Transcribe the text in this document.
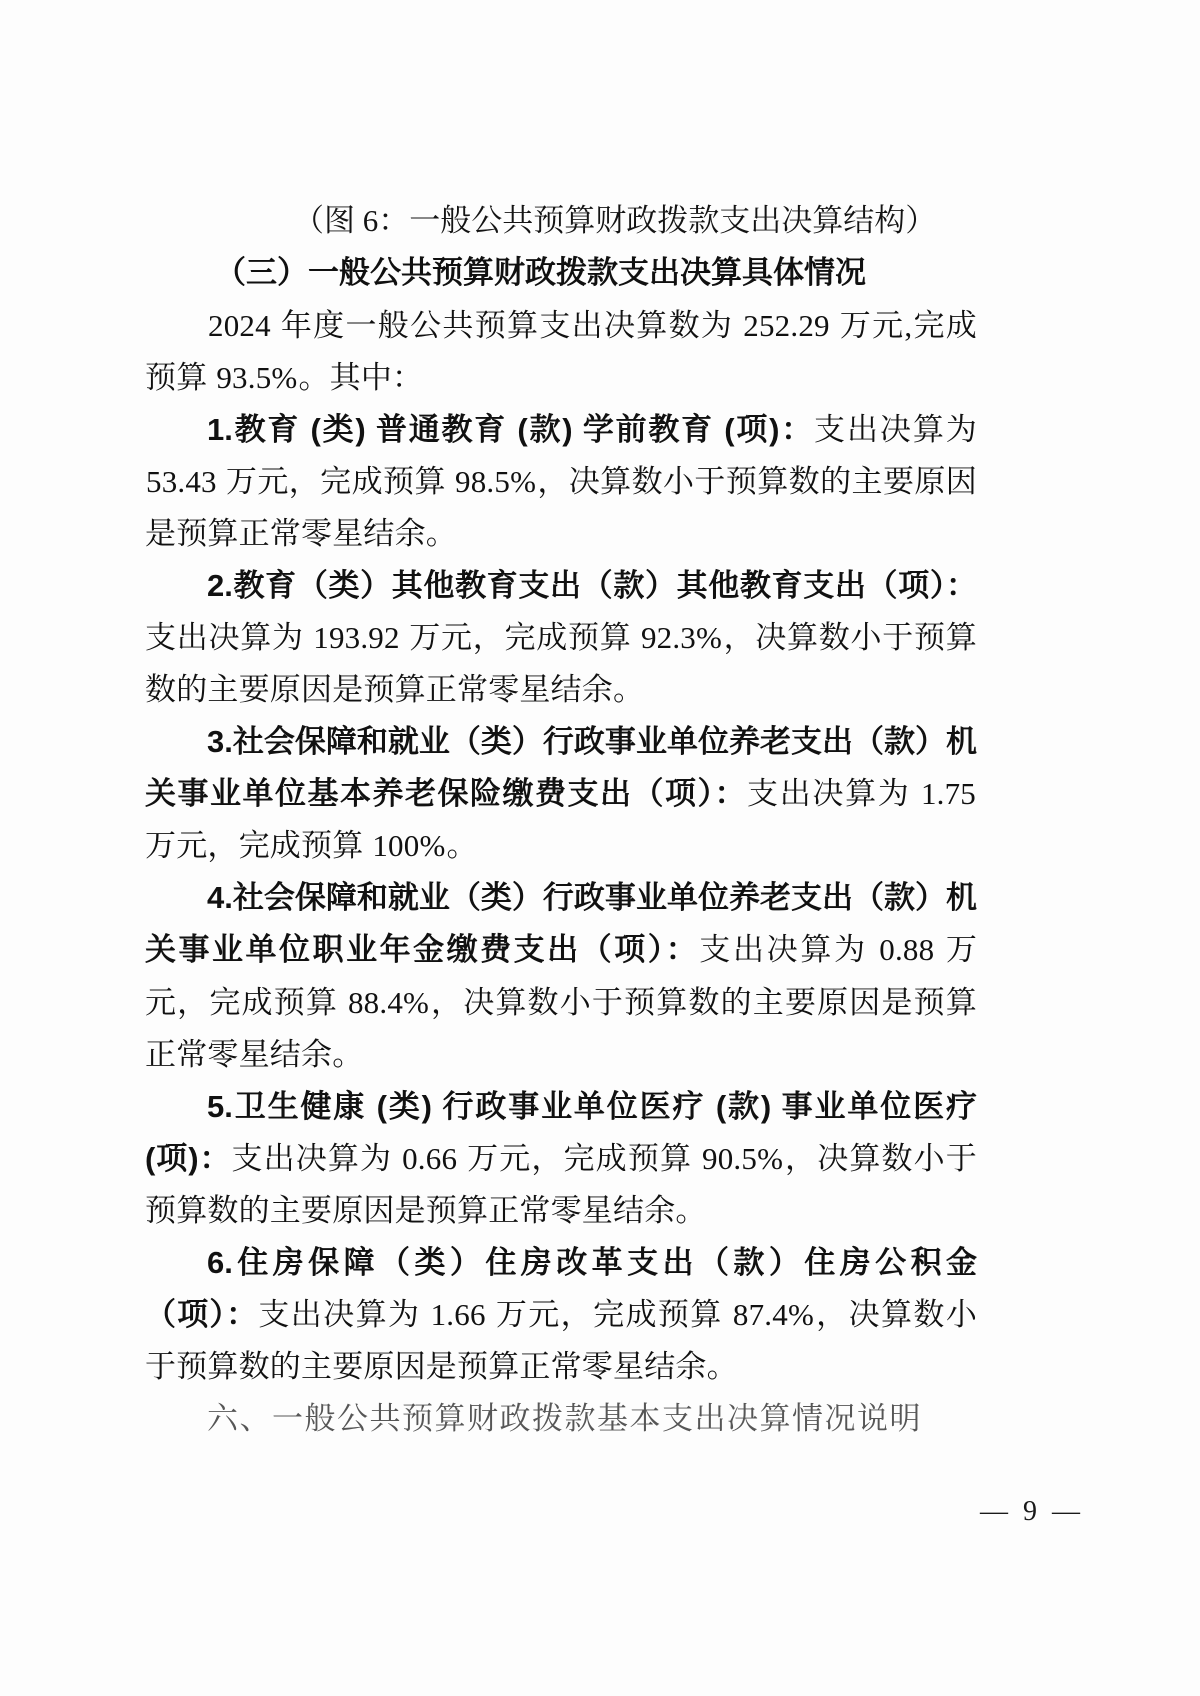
（图 6：一般公共预算财政拨款支出决算结构）

（三）一般公共预算财政拨款支出决算具体情况

2024 年度一般公共预算支出决算数为 252.29 万元,完成预算 93.5%。其中：

1.教育 (类) 普通教育 (款) 学前教育 (项)：支出决算为 53.43 万元，完成预算 98.5%，决算数小于预算数的主要原因是预算正常零星结余。

2.教育（类）其他教育支出（款）其他教育支出（项）：支出决算为 193.92 万元，完成预算 92.3%，决算数小于预算数的主要原因是预算正常零星结余。

3.社会保障和就业（类）行政事业单位养老支出（款）机关事业单位基本养老保险缴费支出（项）：支出决算为 1.75 万元，完成预算 100%。

4.社会保障和就业（类）行政事业单位养老支出（款）机关事业单位职业年金缴费支出（项）：支出决算为 0.88 万元，完成预算 88.4%，决算数小于预算数的主要原因是预算正常零星结余。

5.卫生健康 (类) 行政事业单位医疗 (款) 事业单位医疗 (项)：支出决算为 0.66 万元，完成预算 90.5%，决算数小于预算数的主要原因是预算正常零星结余。

6.住房保障（类）住房改革支出（款）住房公积金（项）：支出决算为 1.66 万元，完成预算 87.4%，决算数小于预算数的主要原因是预算正常零星结余。

六、一般公共预算财政拨款基本支出决算情况说明

— 9 —
